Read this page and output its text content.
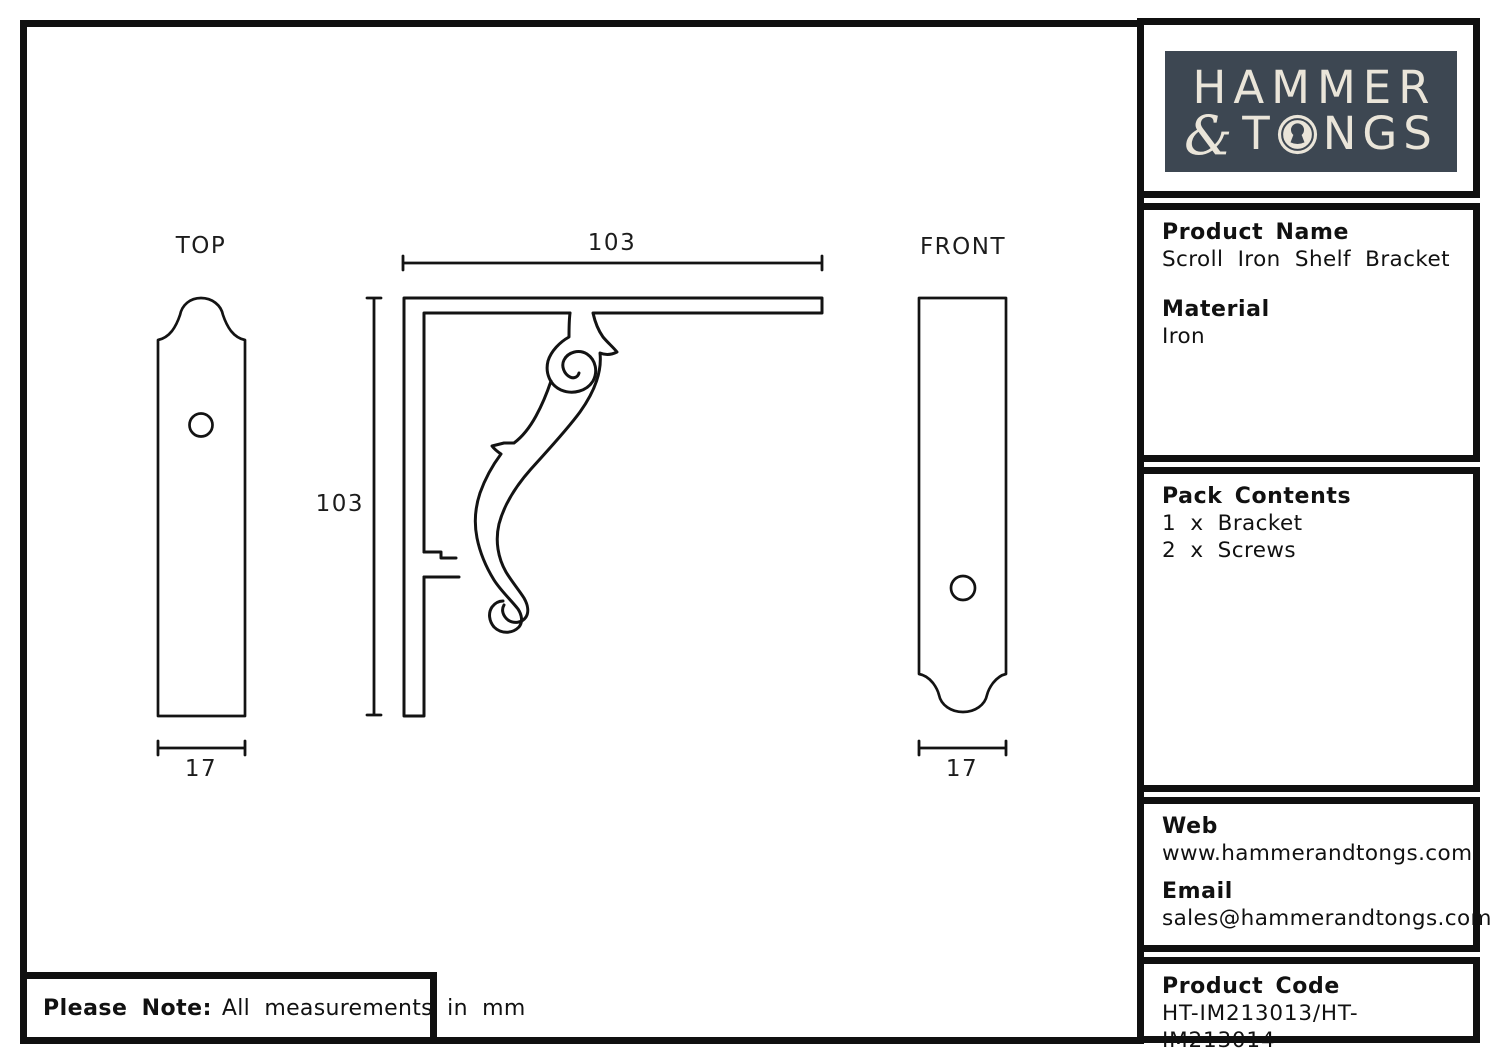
TOP	FRONT
103
103
17	17
Please Note: All measurements in mm
HAMMER
& T NGS
Product Name
Scroll Iron Shelf Bracket
Material
Iron
Pack Contents
1 x Bracket
2 x Screws
Web
www.hammerandtongs.com
Email
sales@hammerandtongs.com
Product Code
HT-IM213013/HT-IM213014
